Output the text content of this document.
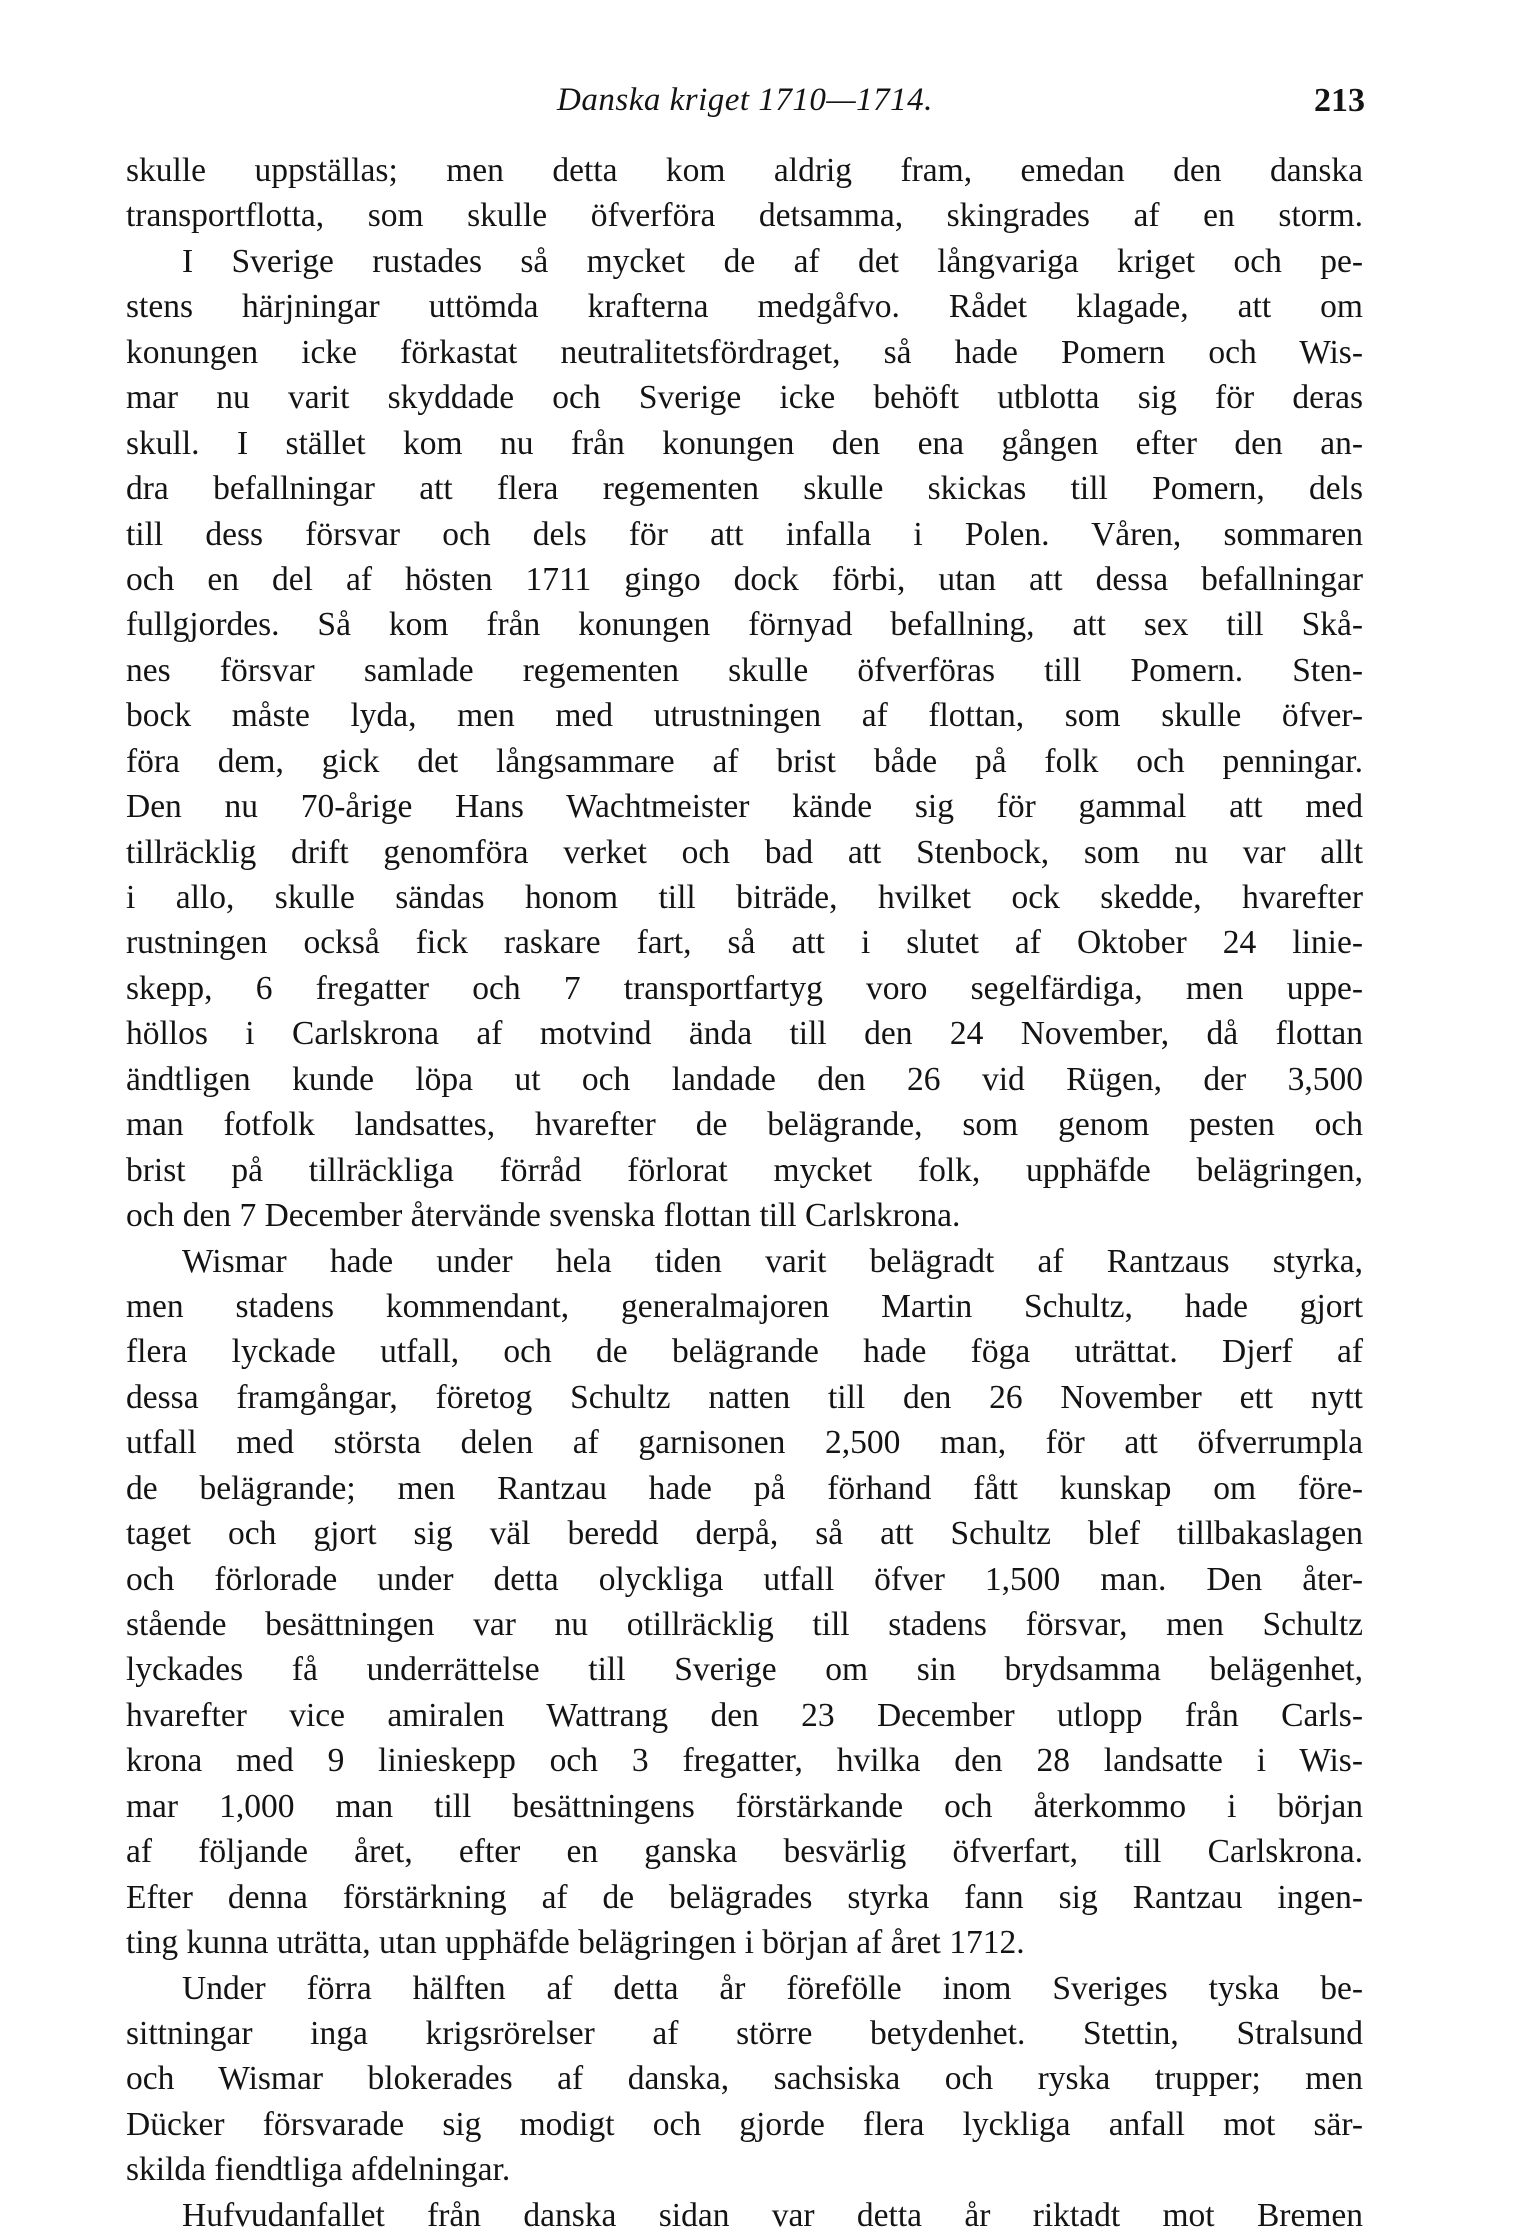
Danska kriget 1710—1714.	213
skulle uppställas; men detta kom aldrig fram, emedan den danska
transportflotta, som skulle öfverföra detsamma, skingrades af en storm.
I Sverige rustades så mycket de af det långvariga kriget och pe-
stens härjningar uttömda krafterna medgåfvo. Rådet klagade, att om
konungen icke förkastat neutralitetsfördraget, så hade Pomern och Wis-
mar nu varit skyddade och Sverige icke behöft utblotta sig för deras
skull. I stället kom nu från konungen den ena gången efter den an-
dra befallningar att flera regementen skulle skickas till Pomern, dels
till dess försvar och dels för att infalla i Polen. Våren, sommaren
och en del af hösten 1711 gingo dock förbi, utan att dessa befallningar
fullgjordes. Så kom från konungen förnyad befallning, att sex till Skå-
nes försvar samlade regementen skulle öfverföras till Pomern. Sten-
bock måste lyda, men med utrustningen af flottan, som skulle öfver-
föra dem, gick det långsammare af brist både på folk och penningar.
Den nu 70-årige Hans Wachtmeister kände sig för gammal att med
tillräcklig drift genomföra verket och bad att Stenbock, som nu var allt
i allo, skulle sändas honom till biträde, hvilket ock skedde, hvarefter
rustningen också fick raskare fart, så att i slutet af Oktober 24 linie-
skepp, 6 fregatter och 7 transportfartyg voro segelfärdiga, men uppe-
höllos i Carlskrona af motvind ända till den 24 November, då flottan
ändtligen kunde löpa ut och landade den 26 vid Rügen, der 3,500
man fotfolk landsattes, hvarefter de belägrande, som genom pesten och
brist på tillräckliga förråd förlorat mycket folk, upphäfde belägringen,
och den 7 December återvände svenska flottan till Carlskrona.
Wismar hade under hela tiden varit belägradt af Rantzaus styrka,
men stadens kommendant, generalmajoren Martin Schultz, hade gjort
flera lyckade utfall, och de belägrande hade föga uträttat. Djerf af
dessa framgångar, företog Schultz natten till den 26 November ett nytt
utfall med största delen af garnisonen 2,500 man, för att öfverrumpla
de belägrande; men Rantzau hade på förhand fått kunskap om före-
taget och gjort sig väl beredd derpå, så att Schultz blef tillbakaslagen
och förlorade under detta olyckliga utfall öfver 1,500 man. Den åter-
stående besättningen var nu otillräcklig till stadens försvar, men Schultz
lyckades få underrättelse till Sverige om sin brydsamma belägenhet,
hvarefter vice amiralen Wattrang den 23 December utlopp från Carls-
krona med 9 linieskepp och 3 fregatter, hvilka den 28 landsatte i Wis-
mar 1,000 man till besättningens förstärkande och återkommo i början
af följande året, efter en ganska besvärlig öfverfart, till Carlskrona.
Efter denna förstärkning af de belägrades styrka fann sig Rantzau ingen-
ting kunna uträtta, utan upphäfde belägringen i början af året 1712.
Under förra hälften af detta år förefölle inom Sveriges tyska be-
sittningar inga krigsrörelser af större betydenhet. Stettin, Stralsund
och Wismar blokerades af danska, sachsiska och ryska trupper; men
Dücker försvarade sig modigt och gjorde flera lyckliga anfall mot sär-
skilda fiendtliga afdelningar.
Hufvudanfallet från danska sidan var detta år riktadt mot Bremen
